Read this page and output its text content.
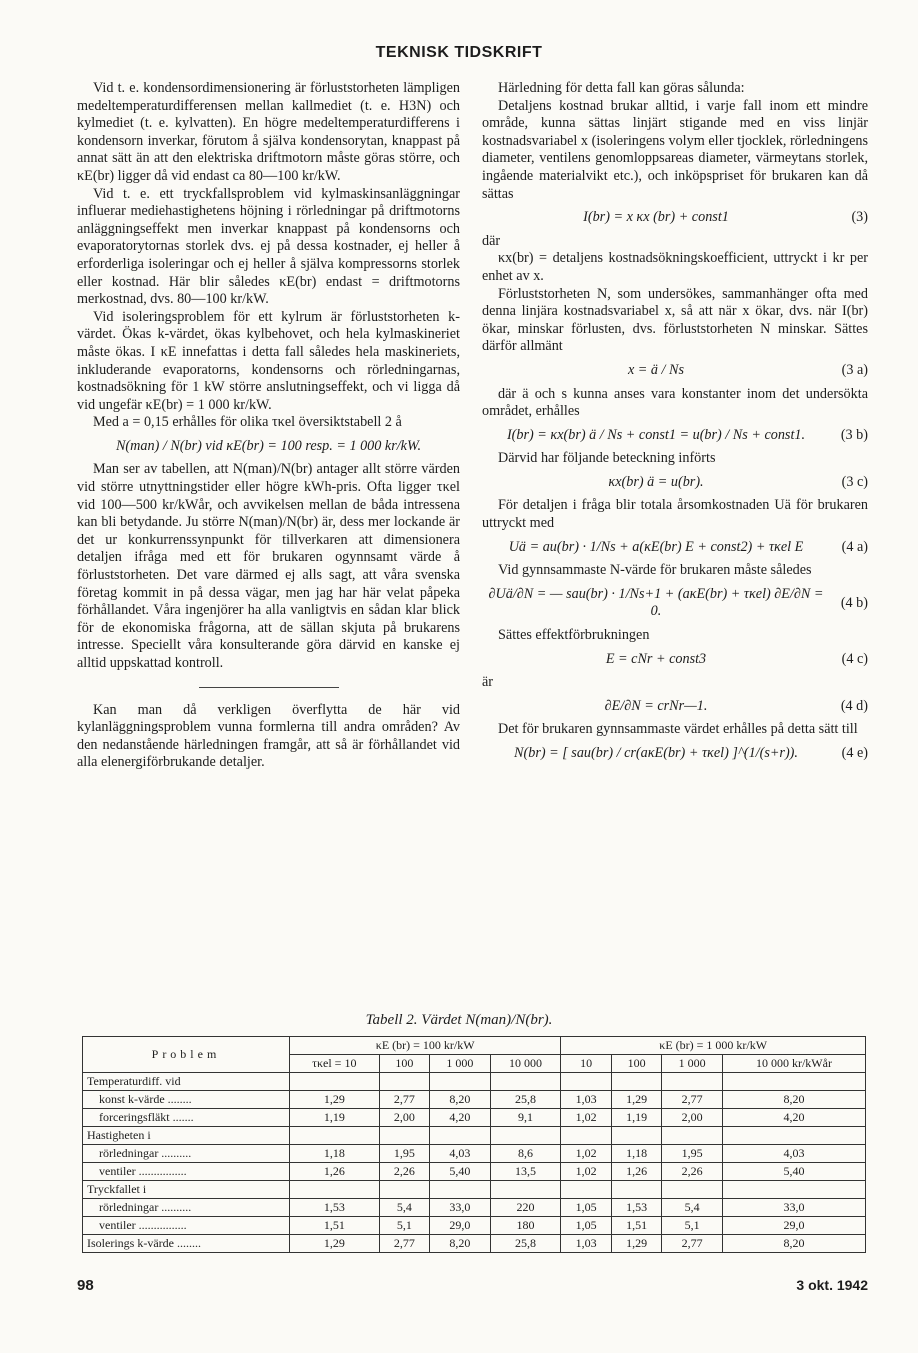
TEKNISK TIDSKRIFT

Vid t. e. kondensordimensionering är förluststorheten lämpligen medeltemperaturdifferensen mellan kallmediet (t. e. H3N) och kylmediet (t. e. kylvatten). En högre medeltemperaturdifferens i kondensorn inverkar, förutom å själva kondensorytan, knappast på annat sätt än att den elektriska driftmotorn måste göras större, och κE(br) ligger då vid endast ca 80—100 kr/kW.

Vid t. e. ett tryckfallsproblem vid kylmaskinsanläggningar influerar mediehastighetens höjning i rörledningar på driftmotorns anläggningseffekt men inverkar knappast på kondensorns och evaporatorytornas storlek dvs. ej på dessa kostnader, ej heller å erforderliga isoleringar och ej heller å själva kompressorns storlek eller kostnad. Här blir således κE(br) endast = driftmotorns merkostnad, dvs. 80—100 kr/kW.

Vid isoleringsproblem för ett kylrum är förluststorheten k-värdet. Ökas k-värdet, ökas kylbehovet, och hela kylmaskineriet måste ökas. I κE innefattas i detta fall således hela maskineriets, inkluderande evaporatorns, kondensorns och rörledningarnas, kostnadsökning för 1 kW större anslutningseffekt, och vi ligga då vid ungefär κE(br) = 1 000 kr/kW.

Med a = 0,15 erhålles för olika τκel översiktstabell 2 å

N(man) / N(br) vid κE(br) = 100 resp. = 1 000 kr/kW.

Man ser av tabellen, att N(man)/N(br) antager allt större värden vid större utnyttningstider eller högre kWh-pris. Ofta ligger τκel vid 100—500 kr/kWår, och avvikelsen mellan de båda intressena kan bli betydande. Ju större N(man)/N(br) är, dess mer lockande är det ur konkurrenssynpunkt för tillverkaren att dimensionera detaljen ifråga med ett för brukaren ogynnsamt värde å förluststorheten. Det vare därmed ej alls sagt, att våra svenska företag kommit in på dessa vägar, men jag har här velat påpeka förhållandet. Våra ingenjörer ha alla vanligtvis en sådan klar blick för de ekonomiska frågorna, att de sällan skjuta på brukarens intresse. Speciellt våra konsulterande göra därvid en kanske ej alltid uppskattad kontroll.

Kan man då verkligen överflytta de här vid kylanläggningsproblem vunna formlerna till andra områden? Av den nedanstående härledningen framgår, att så är förhållandet vid alla elenergiförbrukande detaljer.

Härledning för detta fall kan göras sålunda:

Detaljens kostnad brukar alltid, i varje fall inom ett mindre område, kunna sättas linjärt stigande med en viss linjär kostnadsvariabel x (isoleringens volym eller tjocklek, rörledningens diameter, ventilens genomloppsareas diameter, värmeytans storlek, ingående materialvikt etc.), och inköpspriset för brukaren kan då sättas

I(br) = x κx (br) + const1	(3)

där

κx(br) = detaljens kostnadsökningskoefficient, uttryckt i kr per enhet av x.

Förluststorheten N, som undersökes, sammanhänger ofta med denna linjära kostnadsvariabel x, så att när x ökar, dvs. när I(br) ökar, minskar förlusten, dvs. förluststorheten N minskar. Sättes därför allmänt

x = ä / Ns	(3 a)

där ä och s kunna anses vara konstanter inom det undersökta området, erhålles

I(br) = κx(br) ä / Ns + const1 = u(br) / Ns + const1.	(3 b)

Därvid har följande beteckning införts

κx(br) ä = u(br).	(3 c)

För detaljen i fråga blir totala årsomkostnaden Uä för brukaren uttryckt med

Uä = au(br) · 1/Ns + a(κE(br) E + const2) + τκel E	(4 a)

Vid gynnsammaste N-värde för brukaren måste således

∂Uä/∂N = — sau(br) · 1/Ns+1 + (aκE(br) + τκel) ∂E/∂N = 0.
(4 b)

Sättes effektförbrukningen

E = cNr + const3	(4 c)

är

∂E/∂N = crNr—1.	(4 d)

Det för brukaren gynnsammaste värdet erhålles på detta sätt till

N(br) = [ sau(br) / cr(aκE(br) + τκel) ]^(1/(s+r)).	(4 e)
Tabell 2. Värdet N(man)/N(br).
Problem	κE (br) = 100 kr/kW				κE (br) = 1 000 kr/kW			
	τκel = 10	100	1 000	10 000	10	100	1 000	10 000 kr/kWår
Temperaturdiff. vid								
konst k-värde ........	1,29	2,77	8,20	25,8	1,03	1,29	2,77	8,20
forceringsfläkt .......	1,19	2,00	4,20	9,1	1,02	1,19	2,00	4,20
Hastigheten i								
rörledningar ..........	1,18	1,95	4,03	8,6	1,02	1,18	1,95	4,03
ventiler ................	1,26	2,26	5,40	13,5	1,02	1,26	2,26	5,40
Tryckfallet i								
rörledningar ..........	1,53	5,4	33,0	220	1,05	1,53	5,4	33,0
ventiler ................	1,51	5,1	29,0	180	1,05	1,51	5,1	29,0
Isolerings k-värde ........	1,29	2,77	8,20	25,8	1,03	1,29	2,77	8,20
98	3 okt. 1942
